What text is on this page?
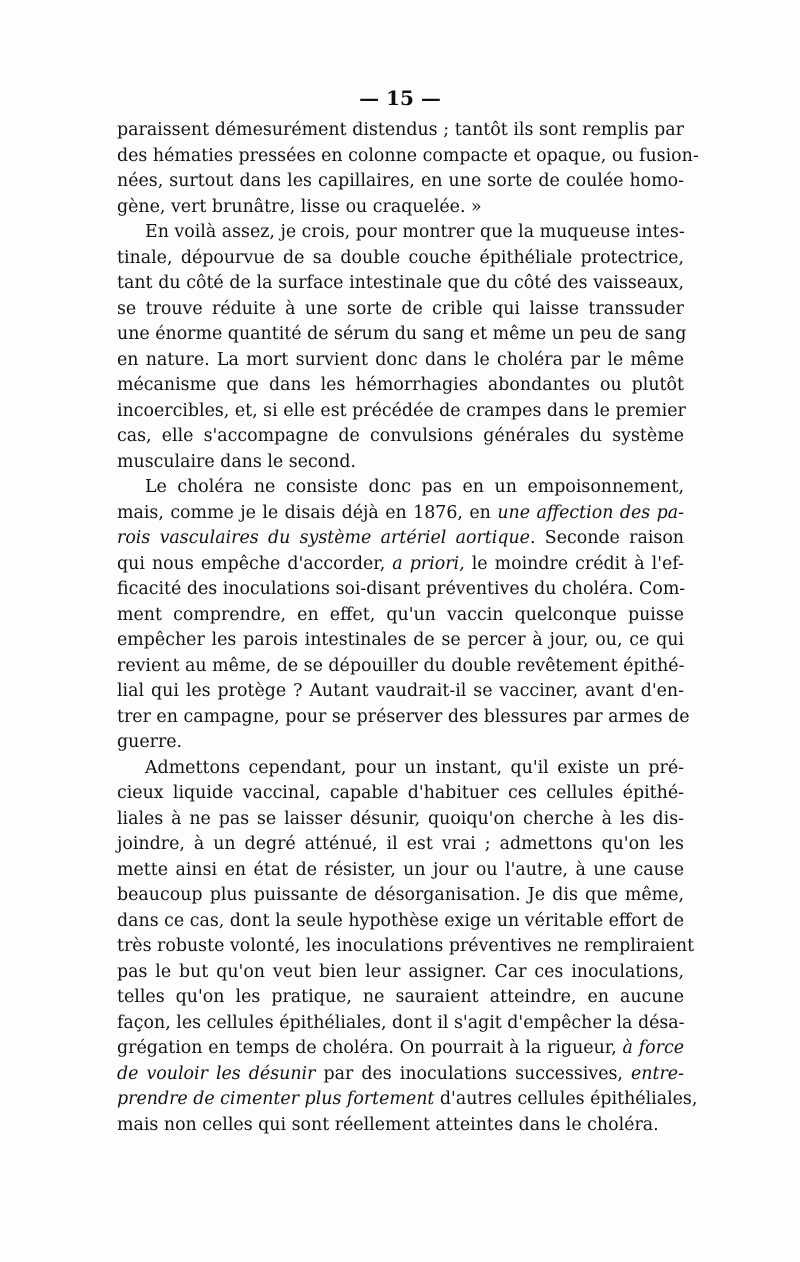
— 15 —
paraissent démesurément distendus ; tantôt ils sont remplis par
des hématies pressées en colonne compacte et opaque, ou fusion-
nées, surtout dans les capillaires, en une sorte de coulée homo-
gène, vert brunâtre, lisse ou craquelée. »
En voilà assez, je crois, pour montrer que la muqueuse intes-
tinale, dépourvue de sa double couche épithéliale protectrice,
tant du côté de la surface intestinale que du côté des vaisseaux,
se trouve réduite à une sorte de crible qui laisse transsuder
une énorme quantité de sérum du sang et même un peu de sang
en nature. La mort survient donc dans le choléra par le même
mécanisme que dans les hémorrhagies abondantes ou plutôt
incoercibles, et, si elle est précédée de crampes dans le premier
cas, elle s'accompagne de convulsions générales du système
musculaire dans le second.
Le choléra ne consiste donc pas en un empoisonnement,
mais, comme je le disais déjà en 1876, en une affection des pa-
rois vasculaires du système artériel aortique. Seconde raison
qui nous empêche d'accorder, a priori, le moindre crédit à l'ef-
ficacité des inoculations soi-disant préventives du choléra. Com-
ment comprendre, en effet, qu'un vaccin quelconque puisse
empêcher les parois intestinales de se percer à jour, ou, ce qui
revient au même, de se dépouiller du double revêtement épithé-
lial qui les protège ? Autant vaudrait-il se vacciner, avant d'en-
trer en campagne, pour se préserver des blessures par armes de
guerre.
Admettons cependant, pour un instant, qu'il existe un pré-
cieux liquide vaccinal, capable d'habituer ces cellules épithé-
liales à ne pas se laisser désunir, quoiqu'on cherche à les dis-
joindre, à un degré atténué, il est vrai ; admettons qu'on les
mette ainsi en état de résister, un jour ou l'autre, à une cause
beaucoup plus puissante de désorganisation. Je dis que même,
dans ce cas, dont la seule hypothèse exige un véritable effort de
très robuste volonté, les inoculations préventives ne rempliraient
pas le but qu'on veut bien leur assigner. Car ces inoculations,
telles qu'on les pratique, ne sauraient atteindre, en aucune
façon, les cellules épithéliales, dont il s'agit d'empêcher la désa-
grégation en temps de choléra. On pourrait à la rigueur, à force
de vouloir les désunir par des inoculations successives, entre-
prendre de cimenter plus fortement d'autres cellules épithéliales,
mais non celles qui sont réellement atteintes dans le choléra.
